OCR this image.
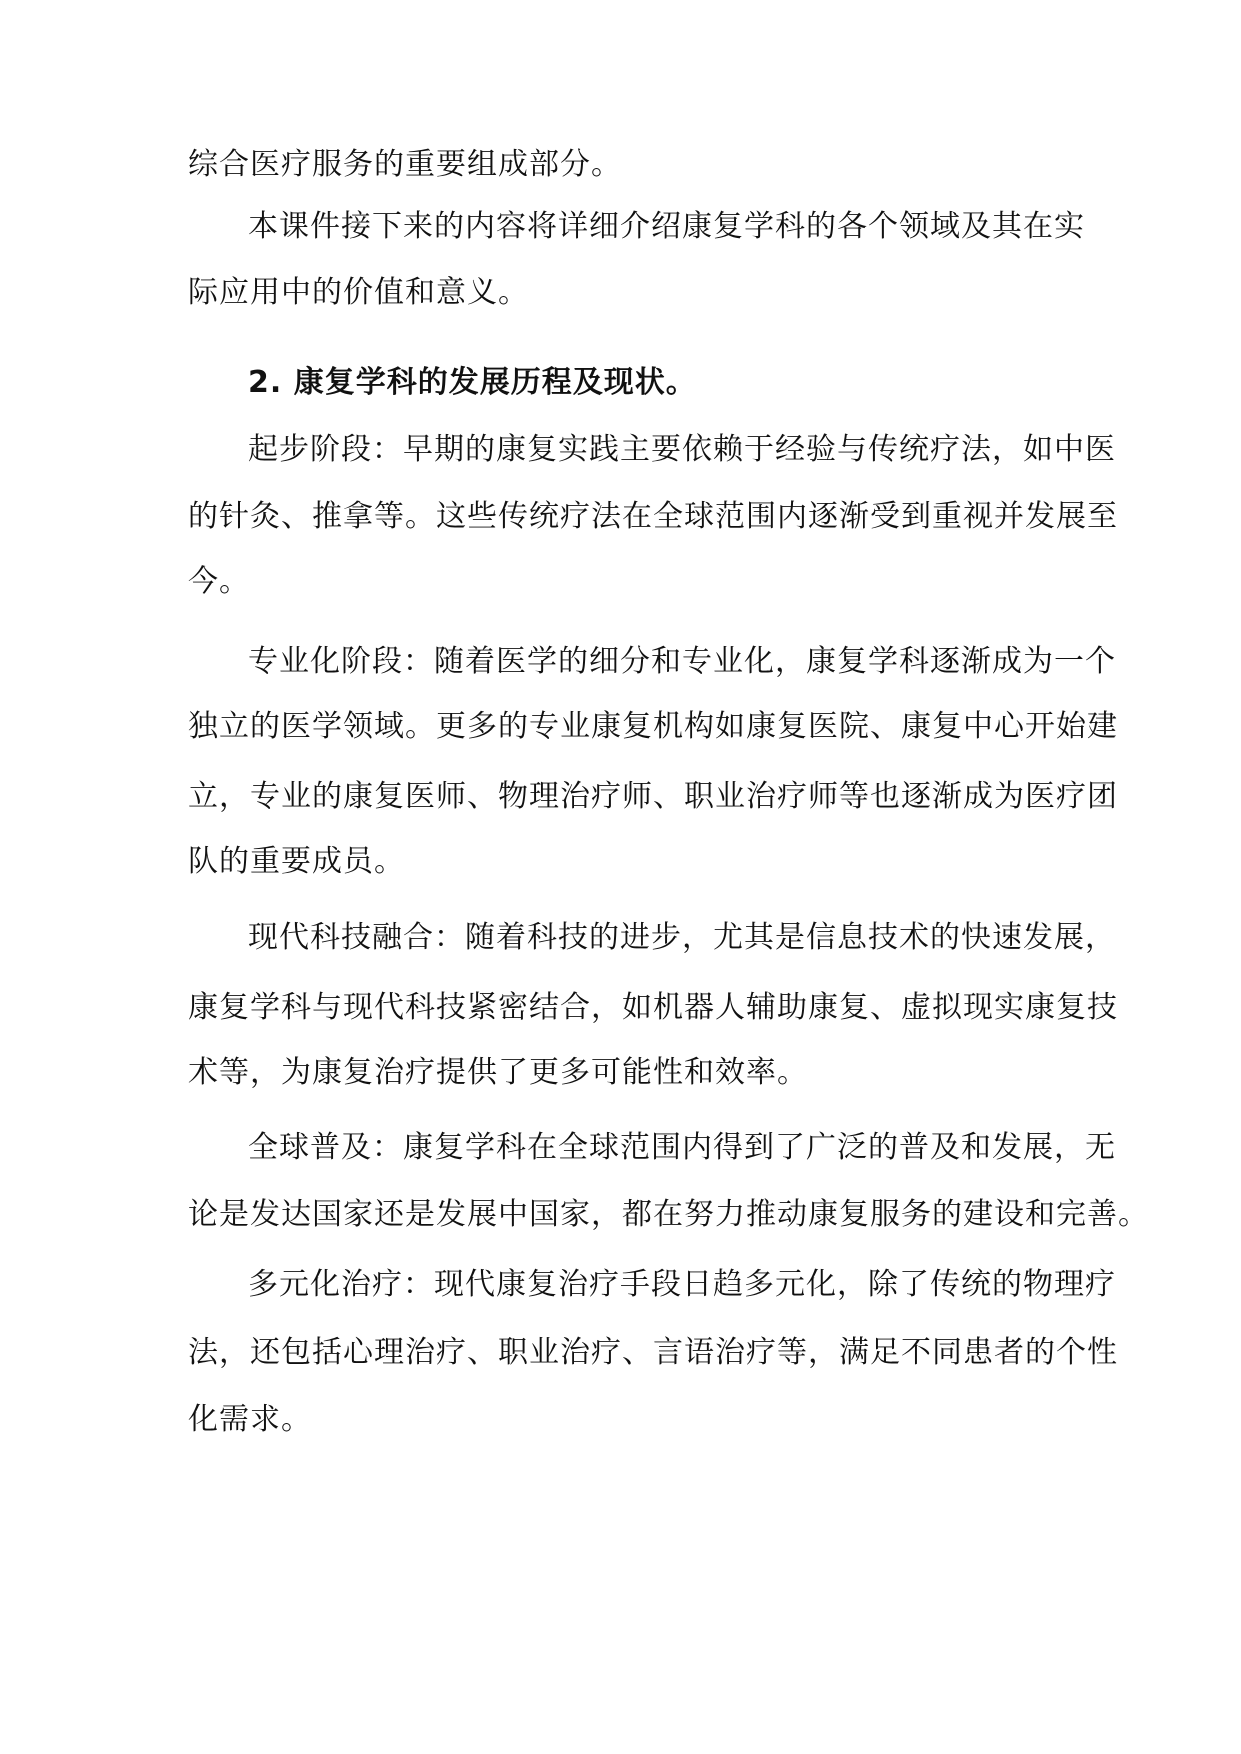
综合医疗服务的重要组成部分。
本课件接下来的内容将详细介绍康复学科的各个领域及其在实
际应用中的价值和意义。
2. 康复学科的发展历程及现状。
起步阶段：早期的康复实践主要依赖于经验与传统疗法，如中医
的针灸、推拿等。这些传统疗法在全球范围内逐渐受到重视并发展至
今。
专业化阶段：随着医学的细分和专业化，康复学科逐渐成为一个
独立的医学领域。更多的专业康复机构如康复医院、康复中心开始建
立，专业的康复医师、物理治疗师、职业治疗师等也逐渐成为医疗团
队的重要成员。
现代科技融合：随着科技的进步，尤其是信息技术的快速发展，
康复学科与现代科技紧密结合，如机器人辅助康复、虚拟现实康复技
术等，为康复治疗提供了更多可能性和效率。
全球普及：康复学科在全球范围内得到了广泛的普及和发展，无
论是发达国家还是发展中国家，都在努力推动康复服务的建设和完善。
多元化治疗：现代康复治疗手段日趋多元化，除了传统的物理疗
法，还包括心理治疗、职业治疗、言语治疗等，满足不同患者的个性
化需求。
